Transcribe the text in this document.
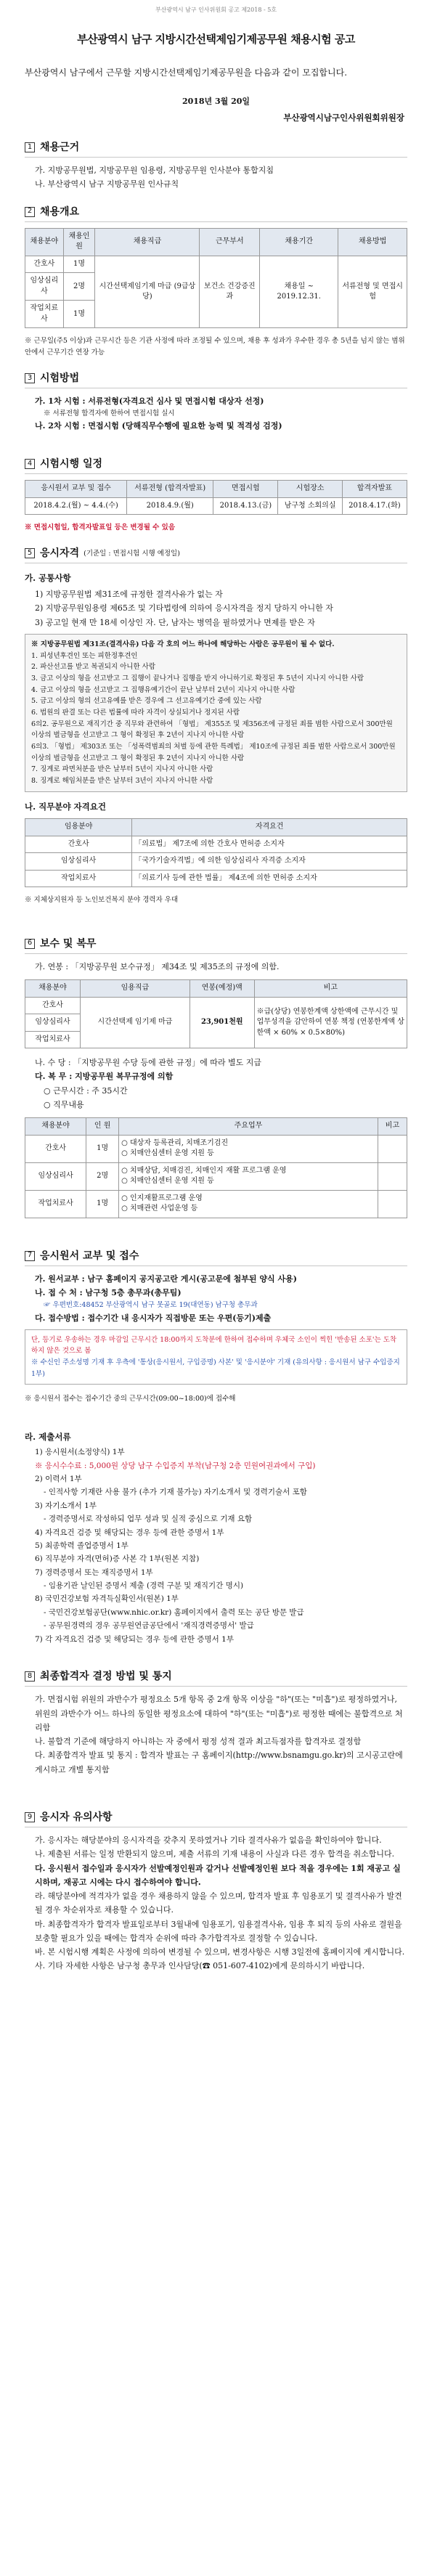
부산광역시 남구 인사위원회 공고 제2018 - 5호
부산광역시 남구 지방시간선택제임기제공무원 채용시험 공고
부산광역시 남구에서 근무할 지방시간선택제임기제공무원을 다음과 같이 모집합니다.
2018년 3월 20일
부산광역시남구인사위원회위원장
1 채용근거
가. 지방공무원법, 지방공무원 임용령, 지방공무원 인사분야 통합지침
나. 부산광역시 남구 지방공무원 인사규칙
2 채용개요
채용분야	채용인원	채용직급	근무부서	채용기간	채용방법
간호사	1명	시간선택제임기제 마급 (9급상당)	보건소 건강증진과	채용일 ~ 2019.12.31.	서류전형 및 면접시험
임상심리사	2명				
작업치료사	1명				
※ 근무일(주5 이상)과 근무시간 등은 기관 사정에 따라 조정될 수 있으며, 채용 후 성과가 우수한 경우 총 5년을 넘지 않는 범위 안에서 근무기간 연장 가능
3 시험방법
가. 1차 시험 : 서류전형(자격요건 심사 및 면접시험 대상자 선정)
※ 서류전형 합격자에 한하여 면접시험 실시
나. 2차 시험 : 면접시험 (당해직무수행에 필요한 능력 및 적격성 검정)
4 시험시행 일정
응시원서 교부 및 접수	서류전형 (합격자발표)	면접시험	시험장소	합격자발표
2018.4.2.(월) ~ 4.4.(수)	2018.4.9.(월)	2018.4.13.(금)	남구청 소회의실	2018.4.17.(화)
※ 면접시험일, 합격자발표일 등은 변경될 수 있음
5 응시자격 (기준일 : 면접시험 시행 예정일)
가. 공통사항
1) 지방공무원법 제31조에 규정한 결격사유가 없는 자
2) 지방공무원임용령 제65조 및 기타법령에 의하여 응시자격을 정지 당하지 아니한 자
3) 공고일 현재 만 18세 이상인 자. 단, 남자는 병역을 필하였거나 면제를 받은 자
※ 지방공무원법 제31조(결격사유) 다음 각 호의 어느 하나에 해당하는 사람은 공무원이 될 수 없다.
1. 피성년후견인 또는 피한정후견인
2. 파산선고를 받고 복권되지 아니한 사람
3. 금고 이상의 형을 선고받고 그 집행이 끝나거나 집행을 받지 아니하기로 확정된 후 5년이 지나지 아니한 사람
4. 금고 이상의 형을 선고받고 그 집행유예기간이 끝난 날부터 2년이 지나지 아니한 사람
5. 금고 이상의 형의 선고유예를 받은 경우에 그 선고유예기간 중에 있는 사람
6. 법원의 판결 또는 다른 법률에 따라 자격이 상실되거나 정지된 사람
6의2. 공무원으로 재직기간 중 직무와 관련하여 「형법」 제355조 및 제356조에 규정된 죄를 범한 사람으로서 300만원 이상의 벌금형을 선고받고 그 형이 확정된 후 2년이 지나지 아니한 사람
6의3. 「형법」 제303조 또는 「성폭력범죄의 처벌 등에 관한 특례법」 제10조에 규정된 죄를 범한 사람으로서 300만원 이상의 벌금형을 선고받고 그 형이 확정된 후 2년이 지나지 아니한 사람
7. 징계로 파면처분을 받은 날부터 5년이 지나지 아니한 사람
8. 징계로 해임처분을 받은 날부터 3년이 지나지 아니한 사람
나. 직무분야 자격요건
임용분야	자격요건
간호사	「의료법」 제7조에 의한 간호사 면허증 소지자
임상심리사	「국가기술자격법」에 의한 임상심리사 자격증 소지자
작업치료사	「의료기사 등에 관한 법률」 제4조에 의한 면허증 소지자
※ 지체상지원자 등 노인보건복지 분야 경력자 우대
6 보수 및 복무
가. 연봉 : 「지방공무원 보수규정」 제34조 및 제35조의 규정에 의함.
채용분야	임용직급	연봉(예정)액	비고
간호사	시간선택제 임기제 마급	23,901천원	※급(상당) 연봉한계액 상한액에 근무시간 및 업무성격을 감안하여 연봉 책정 (연봉한계액 상한액 × 60% × 0.5×80%)
임상심리사			
작업치료사			
나. 수 당 : 「지방공무원 수당 등에 관한 규정」에 따라 별도 지급
다. 복 무 : 지방공무원 복무규정에 의함
○ 근무시간 : 주 35시간
○ 직무내용
채용분야	인 원	주요업무	비고
간호사	1명	○ 대상자 등록관리, 치매조기검진
○ 치매안심센터 운영 지원 등	

임상심리사	2명	○ 치매상담, 치매검진, 치매인지 재활 프로그램 운영
○ 치매안심센터 운영 지원 등	

작업치료사	1명	○ 인지재활프로그램 운영
○ 치매관련 사업운영 등	

7 응시원서 교부 및 접수
가. 원서교부 : 남구 홈페이지 공지공고란 게시(공고문에 첨부된 양식 사용)
나. 접 수 처 : 남구청 5층 총무과(총무팀)
☞ 우편번호:48452 부산광역시 남구 못골로 19(대연동) 남구청 총무과
다. 접수방법 : 접수기간 내 응시자가 직접방문 또는 우편(등기)제출
단, 등기로 우송하는 경우 마감일 근무시간 18:00까지 도착분에 한하여 접수하며 우체국 소인이 찍힌 '반송된 소포'는 도착하지 않은 것으로 봄
※ 수신인 주소성명 기재 후 우측에 '통상(응시원서, 구입증명) 사본' 및 '응시분야' 기재 (유의사항 : 응시원서 남구 수입증지 1부)
※ 응시원서 접수는 접수기간 중의 근무시간(09:00~18:00)에 접수해
라. 제출서류
1) 응시원서(소정양식) 1부
※ 응시수수료 : 5,000원 상당 남구 수입증지 부착(남구청 2층 민원여권과에서 구입)
2) 이력서 1부
- 인적사항 기재란 사용 불가 (추가 기재 불가능) 자기소개서 및 경력기술서 포함
3) 자기소개서 1부
- 경력증명서로 작성하되 업무 성과 및 실적 중심으로 기재 요함
4) 자격요건 검증 및 해당되는 경우 등에 관한 증명서 1부
5) 최종학력 졸업증명서 1부
6) 직무분야 자격(면허)증 사본 각 1부(원본 지참)
7) 경력증명서 또는 재직증명서 1부
- 임용기관 날인된 증명서 제출 (경력 구분 및 재직기간 명시)
8) 국민건강보험 자격득실확인서(원본) 1부
- 국민건강보험공단(www.nhic.or.kr) 홈페이지에서 출력 또는 공단 방문 발급
- 공무원경력의 경우 공무원연금공단에서 '재직경력증명서' 발급
7) 각 자격요건 검증 및 해당되는 경우 등에 관한 증명서 1부
8 최종합격자 결정 방법 및 통지
가. 면접시험 위원의 과반수가 평정요소 5개 항목 중 2개 항목 이상을 "하"(또는 "미흡")로 평정하였거나, 위원의 과반수가 어느 하나의 동일한 평정요소에 대하여 "하"(또는 "미흡")로 평정한 때에는 불합격으로 처리함
나. 불합격 기준에 해당하지 아니하는 자 중에서 평정 성적 결과 최고득점자를 합격자로 결정함
다. 최종합격자 발표 및 통지 : 합격자 발표는 구 홈페이지(http://www.bsnamgu.go.kr)의 고시공고란에 게시하고 개별 통지함
9 응시자 유의사항
가. 응시자는 해당분야의 응시자격을 갖추지 못하였거나 기타 결격사유가 없음을 확인하여야 합니다.
나. 제출된 서류는 일정 반환되지 않으며, 제출 서류의 기재 내용이 사실과 다른 경우 합격을 취소합니다.
다. 응시원서 접수일과 응시자가 선발예정인원과 같거나 선발예정인원 보다 적을 경우에는 1회 재공고 실시하며, 재공고 시에는 다시 접수하여야 합니다.
라. 해당분야에 적격자가 없을 경우 채용하지 않을 수 있으며, 합격자 발표 후 임용포기 및 결격사유가 발견될 경우 차순위자로 채용할 수 있습니다.
마. 최종합격자가 합격자 발표일로부터 3월내에 임용포기, 임용결격사유, 임용 후 퇴직 등의 사유로 결원을 보충할 필요가 있을 때에는 합격자 순위에 따라 추가합격자로 결정할 수 있습니다.
바. 본 시험시행 계획은 사정에 의하여 변경될 수 있으며, 변경사항은 시행 3일전에 홈페이지에 게시합니다.
사. 기타 자세한 사항은 남구청 총무과 인사담당(☎ 051-607-4102)에게 문의하시기 바랍니다.
